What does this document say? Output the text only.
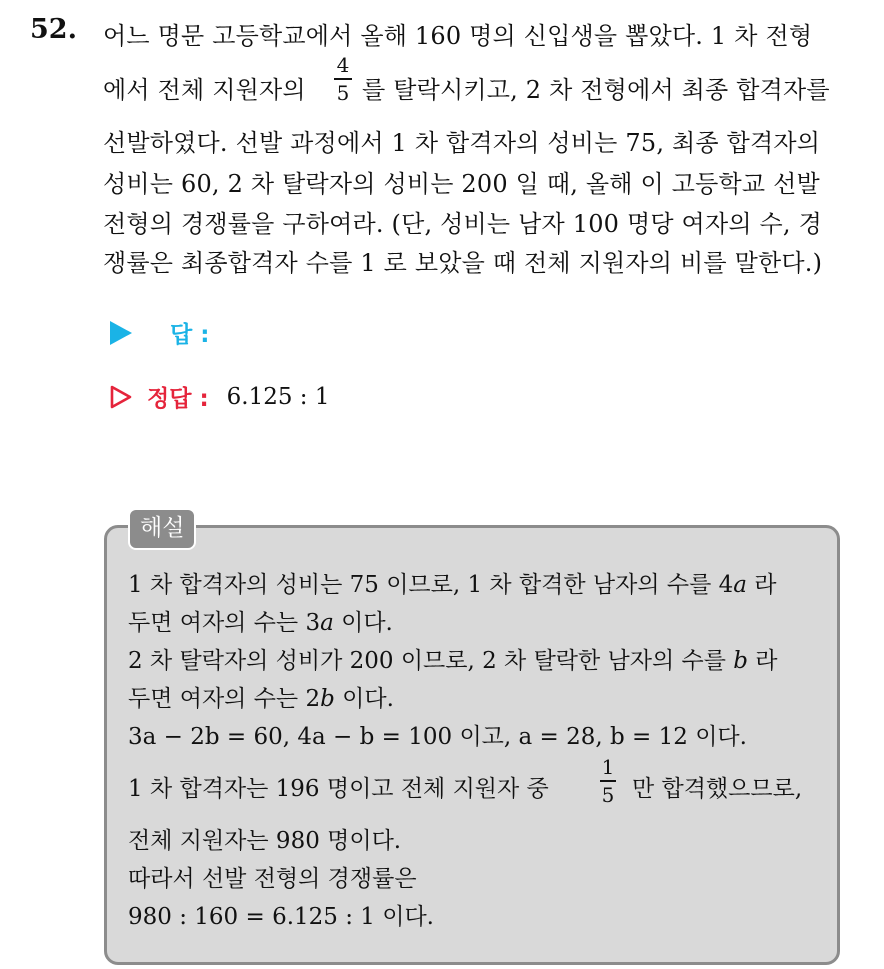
52. 어느 명문 고등학교에서 올해 160 명의 신입생을 뽑았다. 1 차 전형
에서 전체 지원자의
4
5 를 탈락시키고, 2 차 전형에서 최종 합격자를
선발하였다. 선발 과정에서 1 차 합격자의 성비는 75, 최종 합격자의
성비는 60, 2 차 탈락자의 성비는 200 일 때, 올해 이 고등학교 선발
전형의 경쟁률을 구하여라. (단, 성비는 남자 100 명당 여자의 수, 경
쟁률은 최종합격자 수를 1 로 보았을 때 전체 지원자의 비를 말한다.)
답 :
정답 : 6.125 : 1
해설
1 차 합격자의 성비는 75 이므로, 1 차 합격한 남자의 수를 4a 라
두면 여자의 수는 3a 이다.
2 차 탈락자의 성비가 200 이므로, 2 차 탈락한 남자의 수를 b 라
두면 여자의 수는 2b 이다.
3a − 2b = 60, 4a − b = 100 이고, a = 28, b = 12 이다.
1 차 합격자는 196 명이고 전체 지원자 중
1
5 만 합격했으므로,
전체 지원자는 980 명이다.
따라서 선발 전형의 경쟁률은
980 : 160 = 6.125 : 1 이다.
